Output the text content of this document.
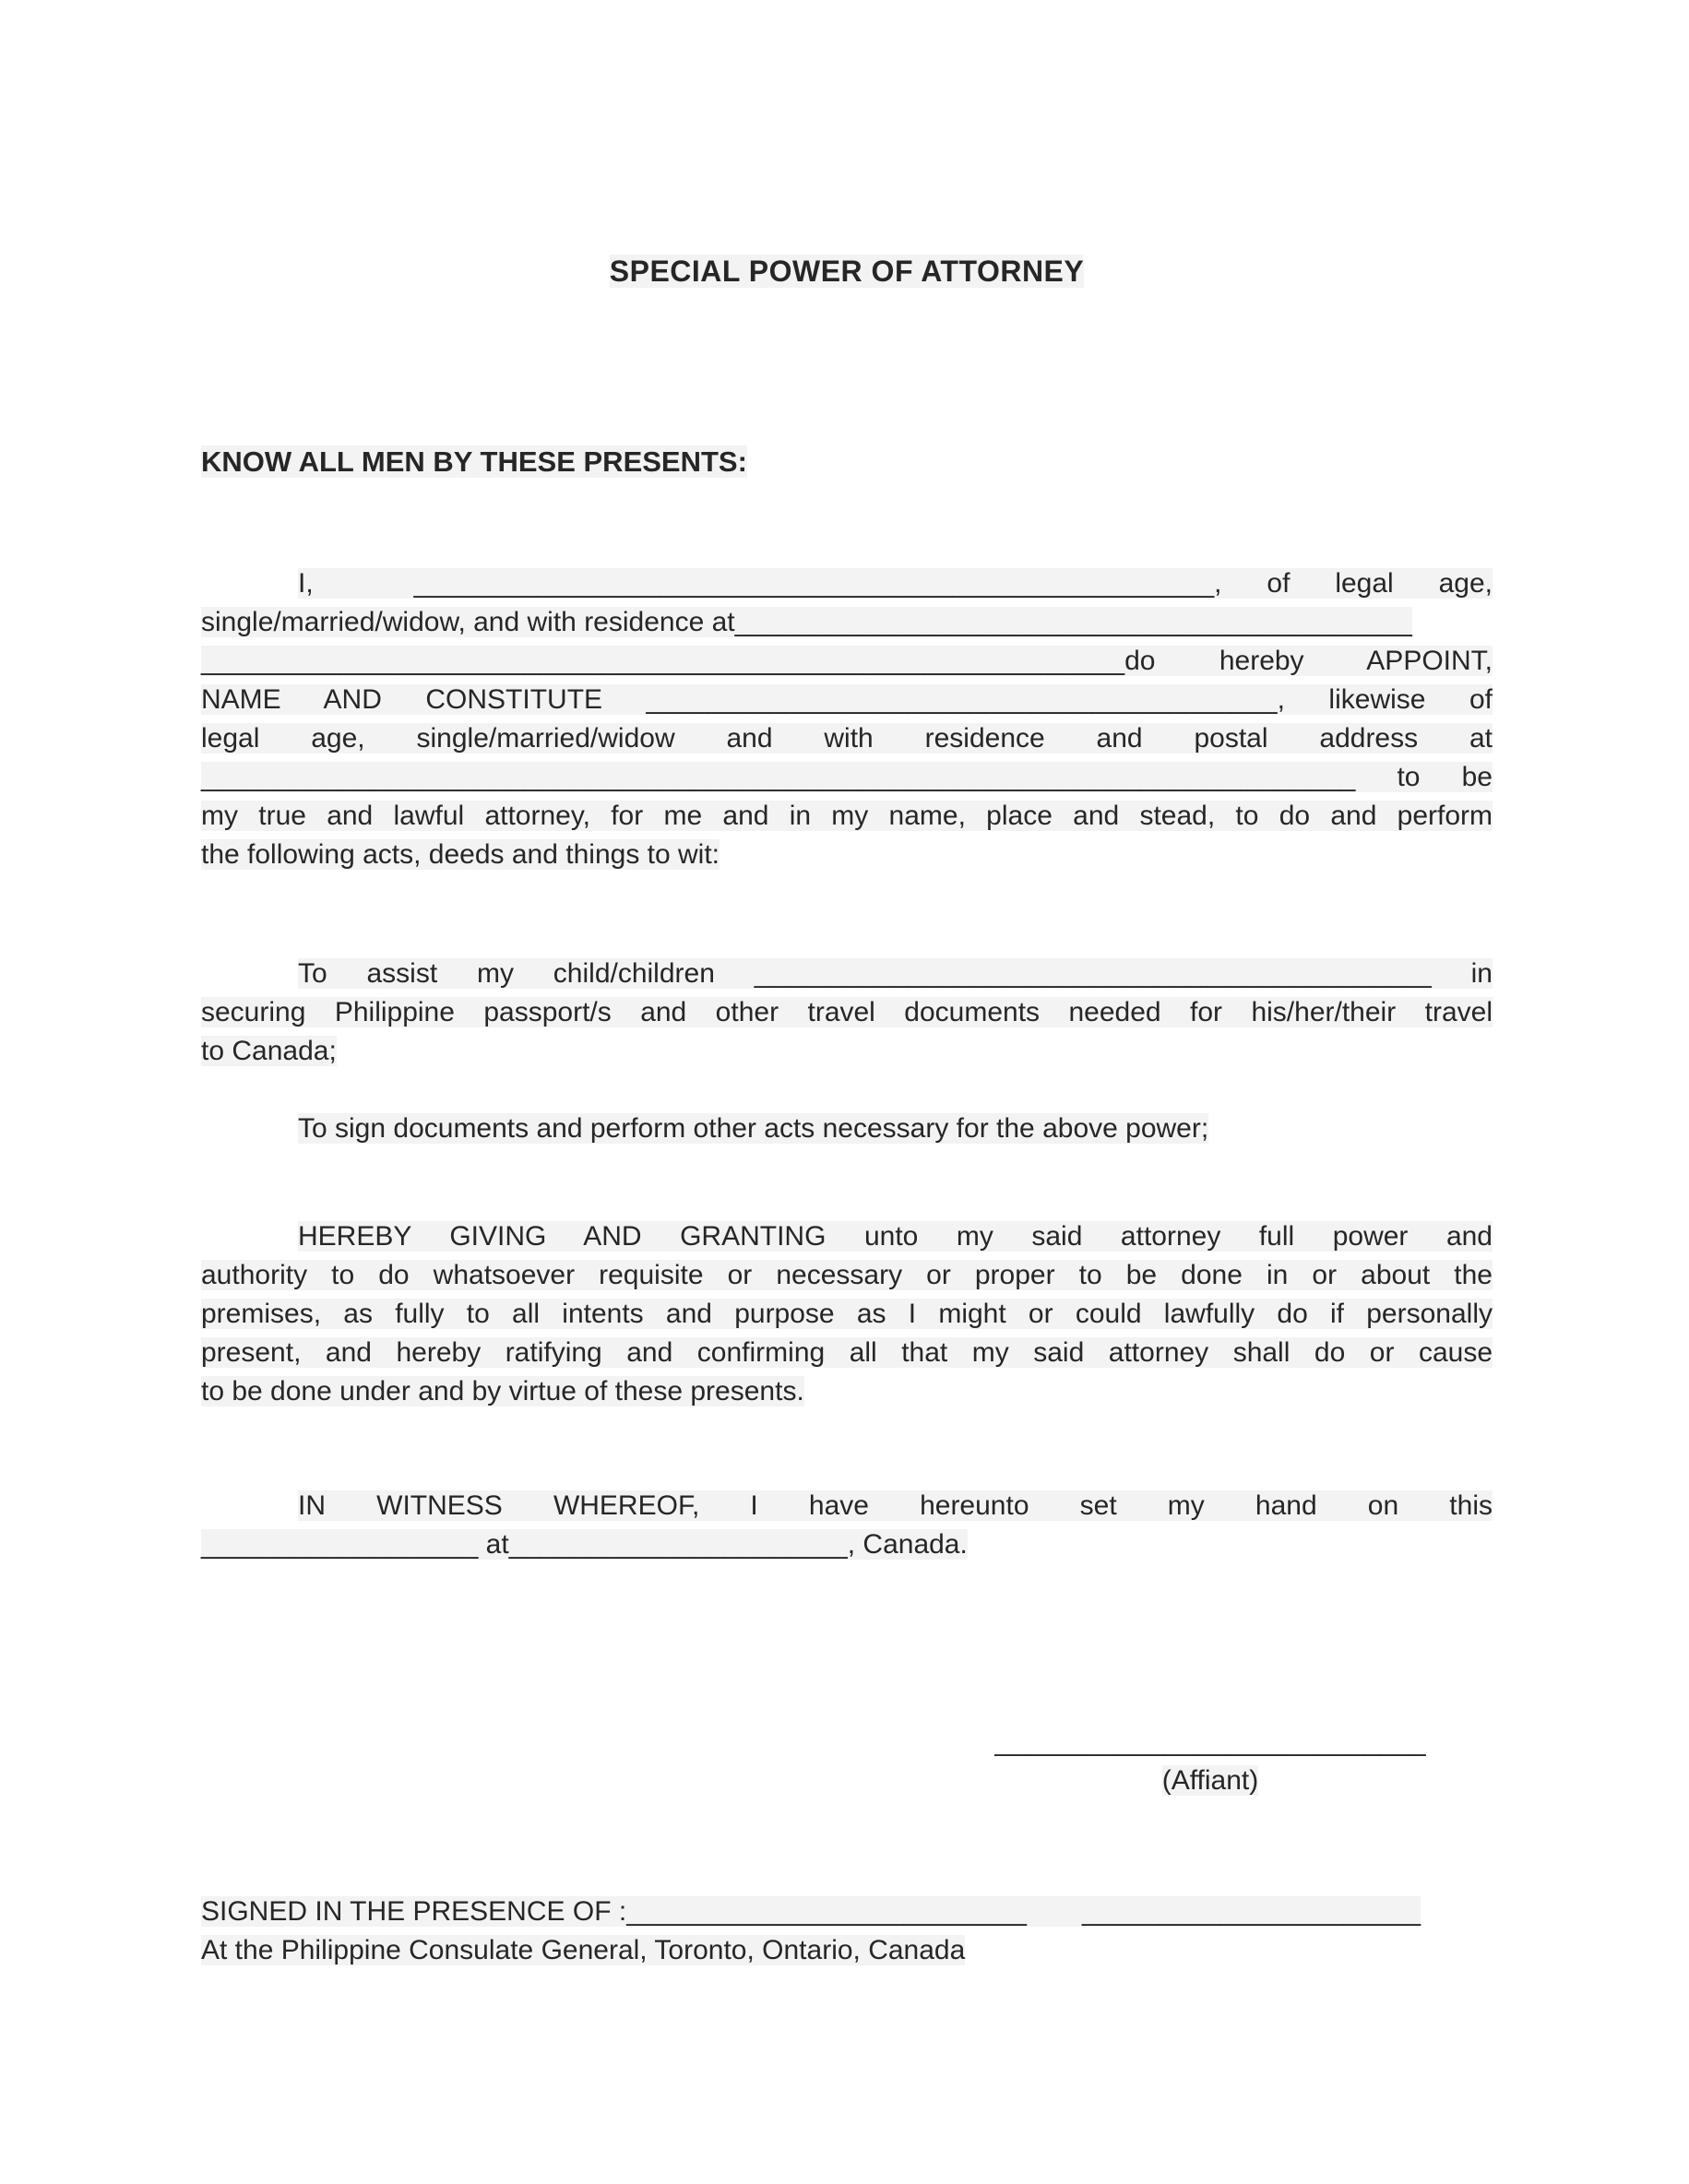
SPECIAL POWER OF ATTORNEY
KNOW ALL MEN BY THESE PRESENTS:
I,   ____________________________________________________, of legal age,
single/married/widow, and with residence at____________________________________________
____________________________________________________________do hereby APPOINT,
NAME AND CONSTITUTE _________________________________________, likewise of
legal age, single/married/widow and with residence and postal address at
___________________________________________________________________________ to be
my true and lawful attorney, for me and in my name, place and stead, to do and perform
the following acts, deeds and things to wit:
To assist my child/children ____________________________________________ in
securing Philippine passport/s and other travel documents needed for his/her/their travel
to Canada;
To sign documents and perform other acts necessary for the above power;
HEREBY GIVING AND GRANTING unto my said attorney full power and
authority to do whatsoever requisite or necessary or proper to be done in or about the
premises, as fully to all intents and purpose as I might or could lawfully do if personally
present, and hereby ratifying and confirming all that my said attorney shall do or cause
to be done under and by virtue of these presents.
IN WITNESS WHEREOF, I have hereunto set my hand on this
__________________ at______________________, Canada.
____________________________
(Affiant)
SIGNED IN THE PRESENCE OF :__________________________  ______________________
At the Philippine Consulate General, Toronto, Ontario, Canada
